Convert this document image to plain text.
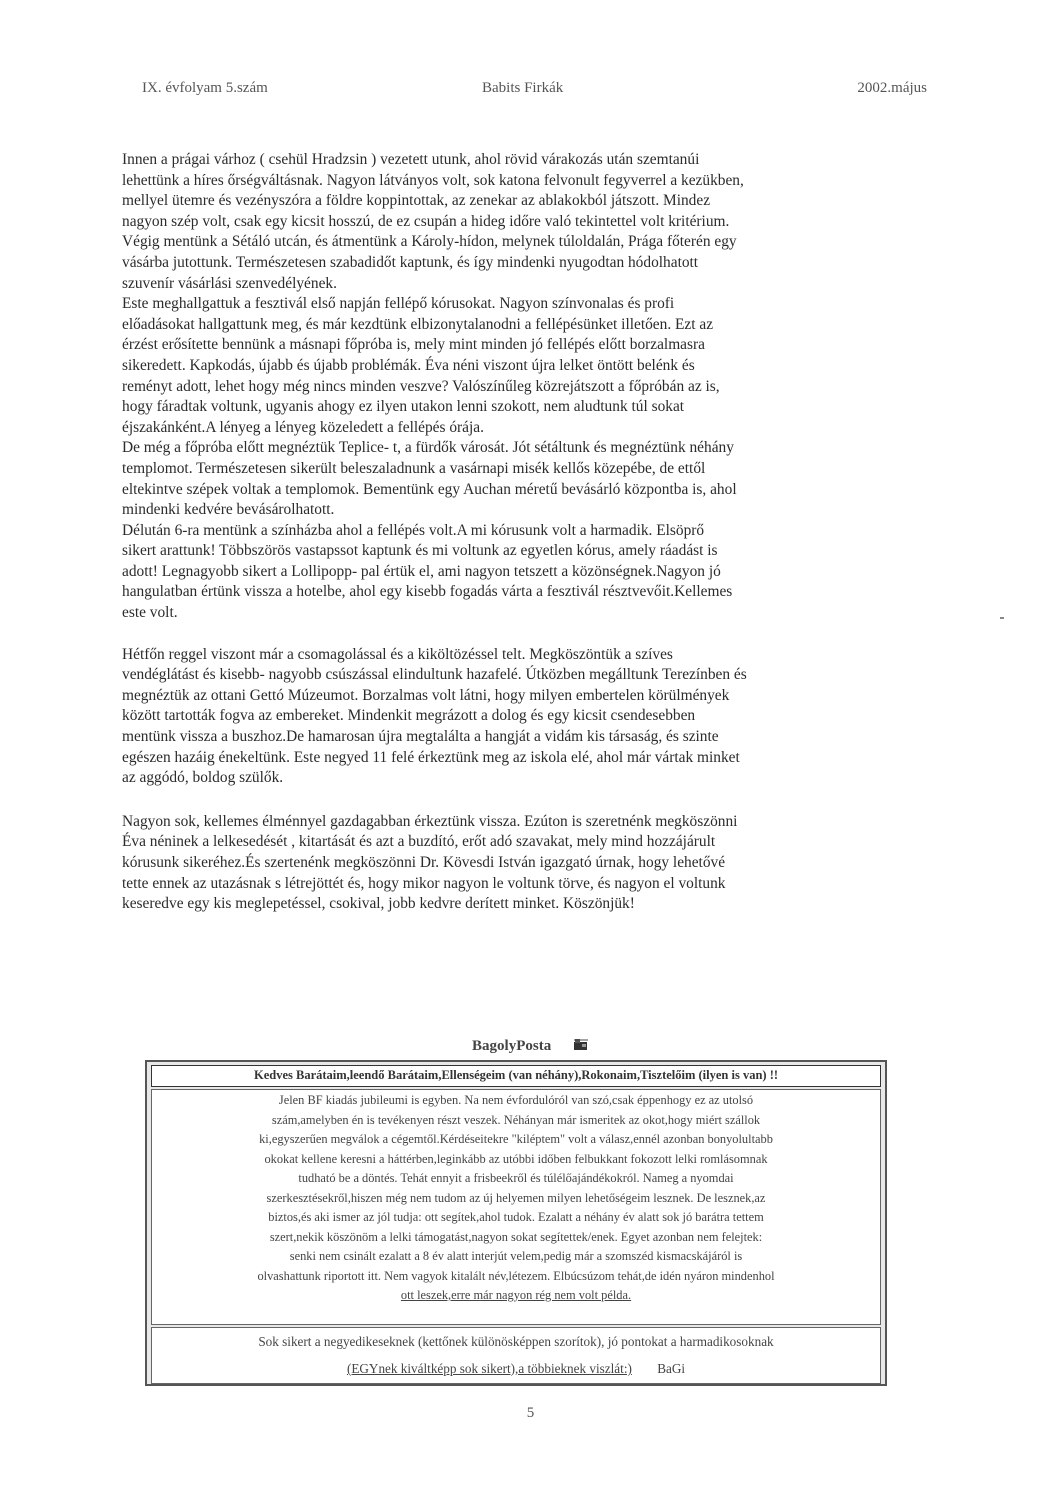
IX. évfolyam 5.szám	Babits Firkák	2002.május

Innen a prágai várhoz ( csehül Hradzsin ) vezetett utunk, ahol rövid várakozás után szemtanúi

lehettünk a híres őrségváltásnak. Nagyon látványos volt, sok katona felvonult fegyverrel a kezükben,

mellyel ütemre és vezényszóra a földre koppintottak, az zenekar az ablakokból játszott. Mindez

nagyon szép volt, csak egy kicsit hosszú, de ez csupán a hideg időre való tekintettel volt kritérium.

Végig mentünk a Sétáló utcán, és átmentünk a Károly-hídon, melynek túloldalán, Prága főterén egy

vásárba jutottunk. Természetesen szabadidőt kaptunk, és így mindenki nyugodtan hódolhatott

szuvenír vásárlási szenvedélyének.

Este meghallgattuk a fesztivál első napján fellépő kórusokat. Nagyon színvonalas és profi

előadásokat hallgattunk meg, és már kezdtünk elbizonytalanodni a fellépésünket illetően. Ezt az

érzést erősítette bennünk a másnapi főpróba is, mely mint minden jó fellépés előtt borzalmasra

sikeredett. Kapkodás, újabb és újabb problémák. Éva néni viszont újra lelket öntött belénk és

reményt adott, lehet hogy még nincs minden veszve? Valószínűleg közrejátszott a főpróbán az is,

hogy fáradtak voltunk, ugyanis ahogy ez ilyen utakon lenni szokott, nem aludtunk túl sokat

éjszakánként.A lényeg a lényeg közeledett a fellépés órája.

De még a főpróba előtt megnéztük Teplice- t, a fürdők városát. Jót sétáltunk és megnéztünk néhány

templomot. Természetesen sikerült beleszaladnunk a vasárnapi misék kellős közepébe, de ettől

eltekintve szépek voltak a templomok. Bementünk egy Auchan méretű bevásárló központba is, ahol

mindenki kedvére bevásárolhatott.

Délután 6-ra mentünk a színházba ahol a fellépés volt.A mi kórusunk volt a harmadik. Elsöprő

sikert arattunk! Többszörös vastapssot kaptunk és mi voltunk az egyetlen kórus, amely ráadást is

adott! Legnagyobb sikert a Lollipopp- pal értük el, ami nagyon tetszett a közönségnek.Nagyon jó

hangulatban értünk vissza a hotelbe, ahol egy kisebb fogadás várta a fesztivál résztvevőit.Kellemes

este volt.

Hétfőn reggel viszont már a csomagolással és a kiköltözéssel telt. Megköszöntük a szíves

vendéglátást és kisebb- nagyobb csúszással elindultunk hazafelé. Útközben megálltunk Terezínben és

megnéztük az ottani Gettó Múzeumot. Borzalmas volt látni, hogy milyen embertelen körülmények

között tartották fogva az embereket. Mindenkit megrázott a dolog és egy kicsit csendesebben

mentünk vissza a buszhoz.De hamarosan újra megtalálta a hangját a vidám kis társaság, és szinte

egészen hazáig énekeltünk. Este negyed 11 felé érkeztünk meg az iskola elé, ahol már vártak minket

az aggódó, boldog szülők.

Nagyon sok, kellemes élménnyel gazdagabban érkeztünk vissza. Ezúton is szeretnénk megköszönni

Éva néninek a lelkesedését , kitartását és azt a buzdító, erőt adó szavakat, mely mind hozzájárult

kórusunk sikeréhez.És szertenénk megköszönni Dr. Kövesdi István igazgató úrnak, hogy lehetővé

tette ennek az utazásnak s létrejöttét és, hogy mikor nagyon le voltunk törve, és nagyon el voltunk

keseredve egy kis meglepetéssel, csokival, jobb kedvre derített minket. Köszönjük!

BagolyPosta
Kedves Barátaim,leendő Barátaim,Ellenségeim (van néhány),Rokonaim,Tisztelőim (ilyen is van) !!
Jelen BF kiadás jubileumi is egyben. Na nem évfordulóról van szó,csak éppenhogy ez az utolsó
szám,amelyben én is tevékenyen részt veszek. Néhányan már ismeritek az okot,hogy miért szállok
ki,egyszerűen megválok a cégemtől.Kérdéseitekre "kiléptem" volt a válasz,ennél azonban bonyolultabb
okokat kellene keresni a háttérben,leginkább az utóbbi időben felbukkant fokozott lelki romlásomnak
tudható be a döntés. Tehát ennyit a frisbeekről és túlélőajándékokról. Nameg a nyomdai
szerkesztésekről,hiszen még nem tudom az új helyemen milyen lehetőségeim lesznek. De lesznek,az
biztos,és aki ismer az jól tudja: ott segítek,ahol tudok. Ezalatt a néhány év alatt sok jó barátra tettem
szert,nekik köszönöm a lelki támogatást,nagyon sokat segítettek/enek. Egyet azonban nem felejtek:
senki nem csinált ezalatt a 8 év alatt interjút velem,pedig már a szomszéd kismacskájáról is
olvashattunk riportott itt. Nem vagyok kitalált név,létezem. Elbúcsúzom tehát,de idén nyáron mindenhol
ott leszek,erre már nagyon rég nem volt példa.
Sok sikert a negyedikeseknek (kettőnek különösképpen szorítok), jó pontokat a harmadikosoknak
(EGYnek kiváltképp sok sikert),a többieknek viszlát:) BaGi
5
